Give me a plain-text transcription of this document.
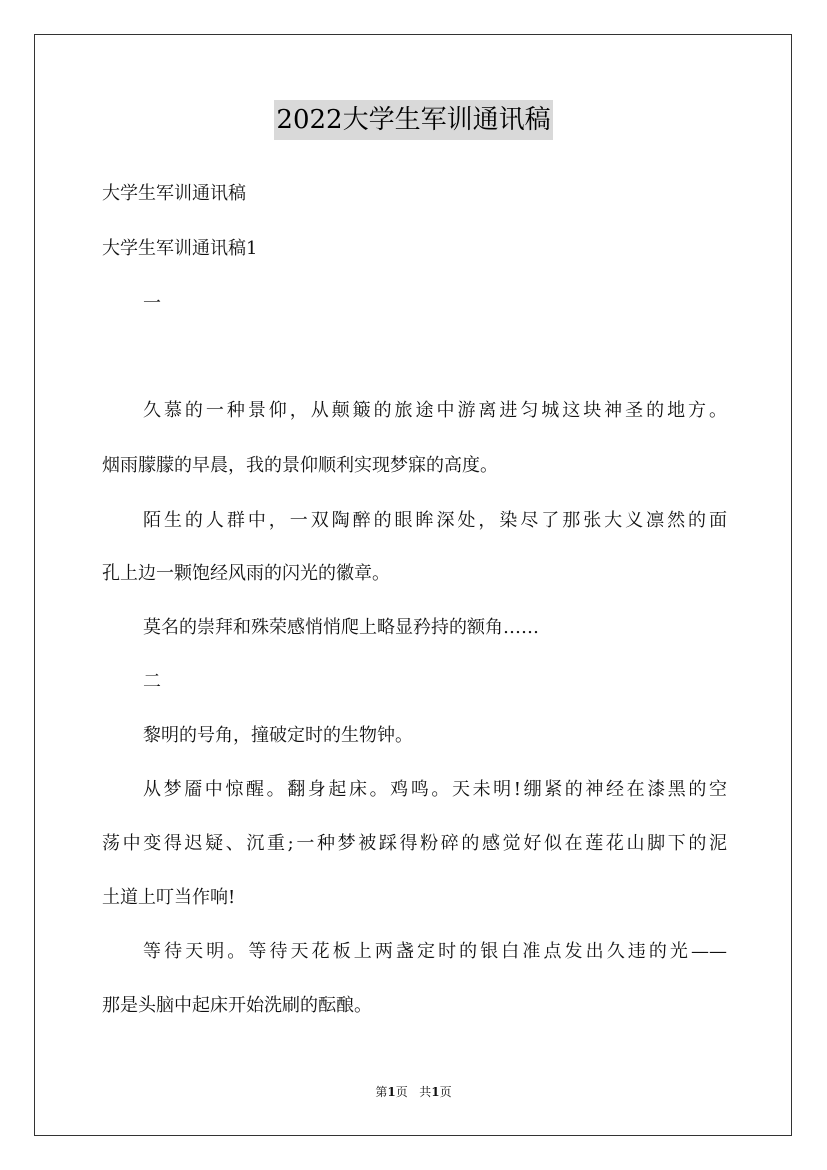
2022大学生军训通讯稿
大学生军训通讯稿
大学生军训通讯稿1
一
久慕的一种景仰，从颠簸的旅途中游离进匀城这块神圣的地方。
烟雨朦朦的早晨，我的景仰顺利实现梦寐的高度。
陌生的人群中，一双陶醉的眼眸深处，染尽了那张大义凛然的面
孔上边一颗饱经风雨的闪光的徽章。
莫名的崇拜和殊荣感悄悄爬上略显矜持的额角……
二
黎明的号角，撞破定时的生物钟。
从梦靥中惊醒。翻身起床。鸡鸣。天未明!绷紧的神经在漆黑的空
荡中变得迟疑、沉重;一种梦被踩得粉碎的感觉好似在莲花山脚下的泥
土道上叮当作响!
等待天明。等待天花板上两盏定时的银白准点发出久违的光——
那是头脑中起床开始洗刷的酝酿。
第1页 共1页
